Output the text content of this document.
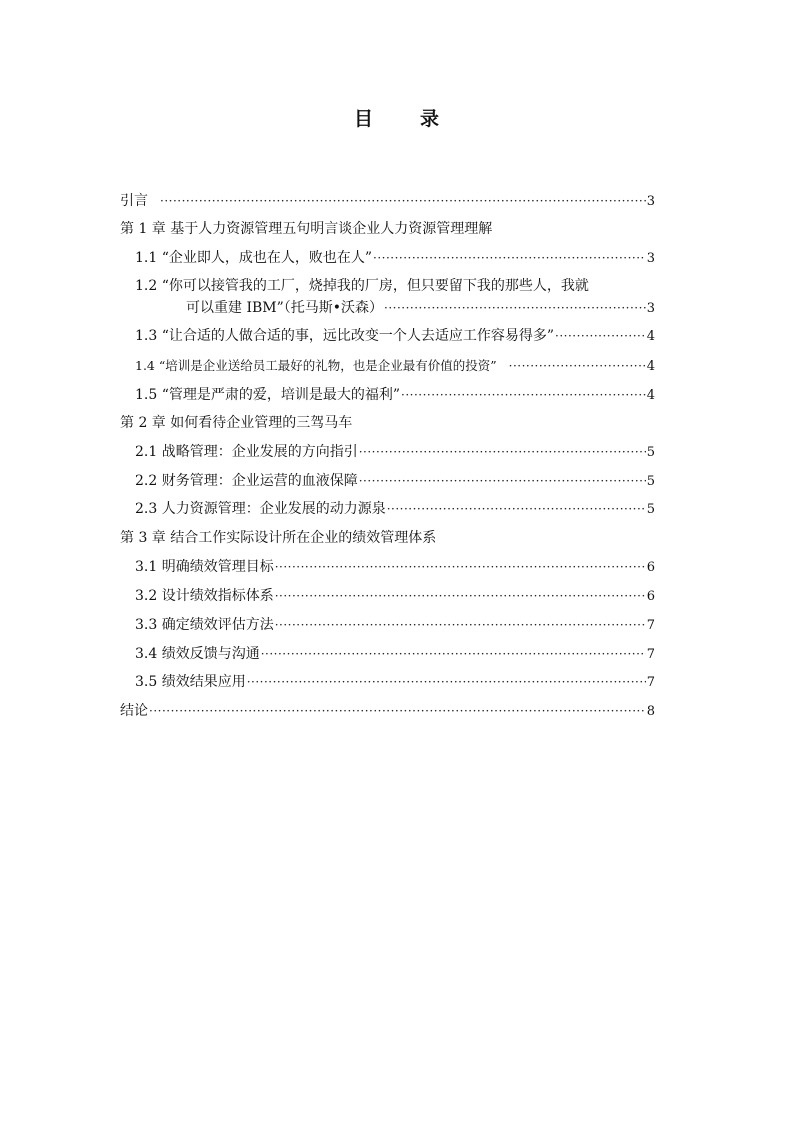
目　录
引言 ·····	3
第 1 章 基于人力资源管理五句明言谈企业人力资源管理理解
1.1 “企业即人，成也在人，败也在人” ·····	3
1.2 “你可以接管我的工厂，烧掉我的厂房，但只要留下我的那些人，我就
可以重建 IBM”（托马斯•沃森） ·····	3
1.3 “让合适的人做合适的事，远比改变一个人去适应工作容易得多” ·····	4
1.4 “培训是企业送给员工最好的礼物，也是企业最有价值的投资” ·····	4
1.5 “管理是严肃的爱，培训是最大的福利” ·····	4
第 2 章 如何看待企业管理的三驾马车
2.1 战略管理：企业发展的方向指引 ·····	5
2.2 财务管理：企业运营的血液保障 ·····	5
2.3 人力资源管理：企业发展的动力源泉 ·····	5
第 3 章 结合工作实际设计所在企业的绩效管理体系
3.1 明确绩效管理目标 ·····	6
3.2 设计绩效指标体系 ·····	6
3.3 确定绩效评估方法 ·····	7
3.4 绩效反馈与沟通 ·····	7
3.5 绩效结果应用 ·····	7
结论 ·····	8
